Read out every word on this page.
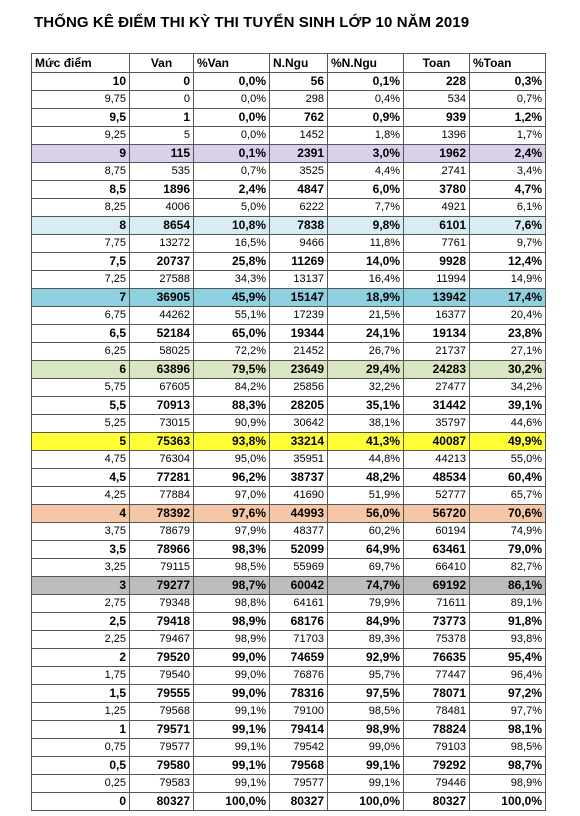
THỐNG KÊ ĐIỂM THI KỲ THI TUYỂN SINH LỚP 10 NĂM 2019
Mức điểm	Van	%Van	N.Ngu	%N.Ngu	Toan	%Toan
10	0	0,0%	56	0,1%	228	0,3%
9,75	0	0,0%	298	0,4%	534	0,7%
9,5	1	0,0%	762	0,9%	939	1,2%
9,25	5	0,0%	1452	1,8%	1396	1,7%
9	115	0,1%	2391	3,0%	1962	2,4%
8,75	535	0,7%	3525	4,4%	2741	3,4%
8,5	1896	2,4%	4847	6,0%	3780	4,7%
8,25	4006	5,0%	6222	7,7%	4921	6,1%
8	8654	10,8%	7838	9,8%	6101	7,6%
7,75	13272	16,5%	9466	11,8%	7761	9,7%
7,5	20737	25,8%	11269	14,0%	9928	12,4%
7,25	27588	34,3%	13137	16,4%	11994	14,9%
7	36905	45,9%	15147	18,9%	13942	17,4%
6,75	44262	55,1%	17239	21,5%	16377	20,4%
6,5	52184	65,0%	19344	24,1%	19134	23,8%
6,25	58025	72,2%	21452	26,7%	21737	27,1%
6	63896	79,5%	23649	29,4%	24283	30,2%
5,75	67605	84,2%	25856	32,2%	27477	34,2%
5,5	70913	88,3%	28205	35,1%	31442	39,1%
5,25	73015	90,9%	30642	38,1%	35797	44,6%
5	75363	93,8%	33214	41,3%	40087	49,9%
4,75	76304	95,0%	35951	44,8%	44213	55,0%
4,5	77281	96,2%	38737	48,2%	48534	60,4%
4,25	77884	97,0%	41690	51,9%	52777	65,7%
4	78392	97,6%	44993	56,0%	56720	70,6%
3,75	78679	97,9%	48377	60,2%	60194	74,9%
3,5	78966	98,3%	52099	64,9%	63461	79,0%
3,25	79115	98,5%	55969	69,7%	66410	82,7%
3	79277	98,7%	60042	74,7%	69192	86,1%
2,75	79348	98,8%	64161	79,9%	71611	89,1%
2,5	79418	98,9%	68176	84,9%	73773	91,8%
2,25	79467	98,9%	71703	89,3%	75378	93,8%
2	79520	99,0%	74659	92,9%	76635	95,4%
1,75	79540	99,0%	76876	95,7%	77447	96,4%
1,5	79555	99,0%	78316	97,5%	78071	97,2%
1,25	79568	99,1%	79100	98,5%	78481	97,7%
1	79571	99,1%	79414	98,9%	78824	98,1%
0,75	79577	99,1%	79542	99,0%	79103	98,5%
0,5	79580	99,1%	79568	99,1%	79292	98,7%
0,25	79583	99,1%	79577	99,1%	79446	98,9%
0	80327	100,0%	80327	100,0%	80327	100,0%
